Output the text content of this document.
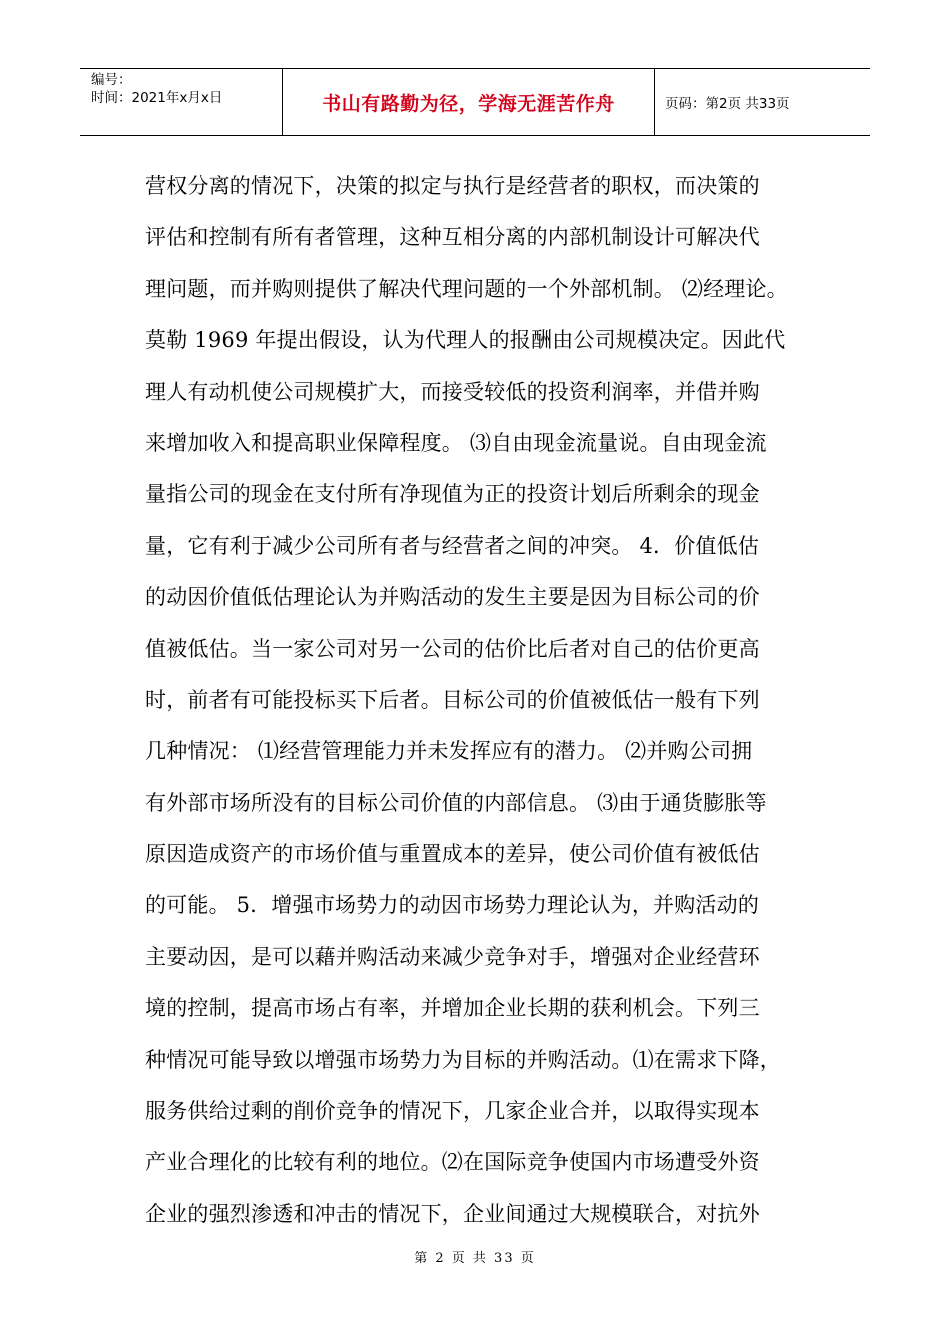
编号：
时间：2021年x月x日	书山有路勤为径，学海无涯苦作舟	页码：第2页 共33页
营权分离的情况下，决策的拟定与执行是经营者的职权，而决策的
评估和控制有所有者管理，这种互相分离的内部机制设计可解决代
理问题，而并购则提供了解决代理问题的一个外部机制。 ⑵经理论。
莫勒 1969 年提出假设，认为代理人的报酬由公司规模决定。因此代
理人有动机使公司规模扩大，而接受较低的投资利润率，并借并购
来增加收入和提高职业保障程度。 ⑶自由现金流量说。自由现金流
量指公司的现金在支付所有净现值为正的投资计划后所剩余的现金
量，它有利于减少公司所有者与经营者之间的冲突。 4．价值低估
的动因价值低估理论认为并购活动的发生主要是因为目标公司的价
值被低估。当一家公司对另一公司的估价比后者对自己的估价更高
时，前者有可能投标买下后者。目标公司的价值被低估一般有下列
几种情况： ⑴经营管理能力并未发挥应有的潜力。 ⑵并购公司拥
有外部市场所没有的目标公司价值的内部信息。 ⑶由于通货膨胀等
原因造成资产的市场价值与重置成本的差异，使公司价值有被低估
的可能。 5．增强市场势力的动因市场势力理论认为，并购活动的
主要动因，是可以藉并购活动来减少竞争对手，增强对企业经营环
境的控制，提高市场占有率，并增加企业长期的获利机会。下列三
种情况可能导致以增强市场势力为目标的并购活动。⑴在需求下降，
服务供给过剩的削价竞争的情况下，几家企业合并，以取得实现本
产业合理化的比较有利的地位。⑵在国际竞争使国内市场遭受外资
企业的强烈渗透和冲击的情况下，企业间通过大规模联合，对抗外
第 2 页 共 33 页
